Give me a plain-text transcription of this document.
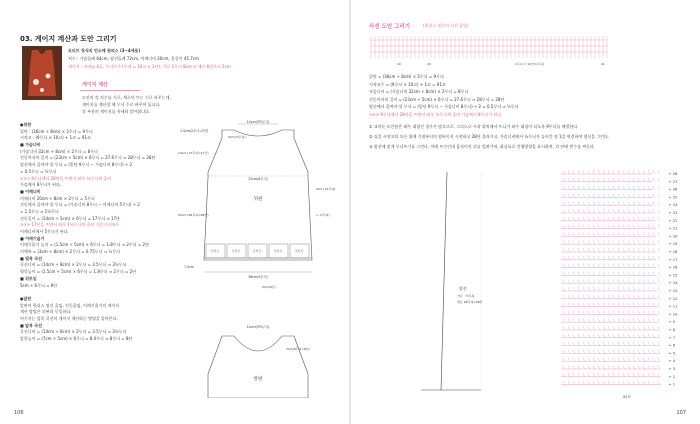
03. 게이지 계산과 도안 그리기
모티브 장식의 민소매 원피스 (3~4세용)
치수 : 가슴둘레 64cm, 옆선둘레 72cm, 어깨너비 20cm, 옷길이 45.7cm
게이지 : 코바늘 4호, 무늬뜨기 (무늬 = 10코 × 1단), 가로 2무늬 8cm × 세로 6단무늬 5cm
게이지 계산
도안의 각 치수를 가로, 세로의 뜨는 수로 바꾸는데,
게이지를 계산할 때 무늬 수로 바꾸어 둡니다.
각 부분의 게이지를 자세히 알아봅니다.
●뒤판
밑단 : (36cm ÷ 8cm) × 2무늬 = 9무늬
시작코 : (9무늬 × 10코) + 1코 = 91코
■ 가슴너비
(가슴너비 32cm ÷ 8cm) × 2무늬 = 8무늬
진동까지의 길이 = (23cm ÷ 5cm) × 6무늬 = 27.6무늬 ⇒ 28무늬 = 28단
옆선에서 줄어야 할 무늬 = (밑단 9무늬 − 가슴너비 8무늬) ÷ 2
= 0.5무늬 ⇒ ½무늬
>>> 9무늬에서 28단을 뜨면서 좌우 ½무늬씩 줄여
가슴에서 8무늬가 된다.
■ 어깨너비
어깨너비 20cm ÷ 8cm × 2무늬 = 5무늬
진동에서 줄어야 할 무늬 = (가슴너비 8무늬 − 어깨너비 5무늬) ÷ 2
= 1.5무늬 ⇒ 1½무늬
진동길이 = (14cm ÷ 5cm) × 6무늬 = 17무늬 ⇒ 17단
>>> 17단을 뜨면서 좌우 1½무늬씩 줄여 가슴너비에서
어깨너비에서 5무늬가 된다.
■ 어깨기울기
어깨기울기 높이 = (1.5cm ÷ 5cm) × 6무늬 = 1.8무늬 ⇒ 2무늬 = 2단
어깨폭 = (3cm ÷ 8cm) × 2무늬 = 0.75무늬 ⇒ ½무늬
■ 뒷목 곡선
곡선너비 = (14cm ÷ 8cm) × 2무늬 = 3.5무늬 ⇒ 3½무늬
뒷목높이 = (1.5cm ÷ 5cm) × 6무늬 = 1.8무늬 ⇒ 2무늬 = 2단
■ 뒤트임
5cm ÷ 6무늬 = 6단
●앞판
앞판의 원피스 옆선 줄임, 진동줄임, 어깨기울기의 게이지
계산 방법은 뒤판과 동일하다.
여기서는 앞목 곡선의 게이지 계산하는 방법을 알아본다.
■ 앞목 곡선
곡선너비 = (14cm ÷ 8cm) × 2무늬 = 3.5무늬 ⇒ 3½무늬
앞목높이 = (7cm ÷ 5cm) × 6무늬 = 8.4무늬 ⇒ 8무늬 = 8단
모티브	모티브	모티브	모티브	모티브
뒤판
14cm(3½무늬)
1.5cm(2무늬=2단)
3cm(½무늬)
14cm (17무늬=17단)
32cm(8무늬)
4cm (11무늬)
23cm (28무늬=28단)	(~½무늬)
7.2cm
36cm(9무늬)
5cm(6단)
14cm(3½무늬)
7cm(8무늬=8단)
앞판
106
사선 도안 그리기	(원피스 옆선의 사선 줄임)
10	20	1무늬 = 10코(1무늬)	91
밑단 = (36cm ÷ 8cm) × 2무늬 = 9무늬
시작코수 = (9무늬 × 10코) + 1코 = 91코
가슴너비 = (가슴너비 32cm ÷ 8cm) × 2무늬 = 8무늬
진동까지의 길이 = (23cm ÷ 5cm) × 6무늬 = 27.6무늬 ⇒ 28무늬 = 28단
옆선에서 줄여야 할 무늬 = (밑단 9무늬 − 가슴너비 8무늬) ÷ 2 = 0.5무늬 ⇒ ½무늬
>>> 9무늬에서 28단을 뜨면서 좌우 ½무늬씩 줄여 가슴에서 8무늬가 된다.
① 교차눈 도안용은 좌우 대칭인 경우가 많으므로, 그리드로 시작 위치에서 뜨니가 좌우 대칭이 되도록 9무늬를 배열한다.
② 실을 시작코의 오른 위에 기점부터의 옆바둑지 시작하고 28단 올라가고, 가슴너비에서 ½무늬가 들어간 점 1을 연결하여 옆선을 그린다.
③ 옆선에 맞게 무늬뜨기를 그린다. 이때 뜨수인데 움직이의 뒤를 알려가며, 화살표로 진행방향을 표시하며, 각 단에 번수를 써둔다.
옆선
가로 : ½무늬
세로 28무늬=28단
← 28
← 27
← 26
← 25
← 24
← 23
← 22
← 21
← 20
← 19
← 18
← 17
← 16
← 15
← 14
← 13
← 12
← 11
← 10
← 9
← 8
← 7
← 6
← 5
← 4
← 3
← 2
← 1
91코
107
